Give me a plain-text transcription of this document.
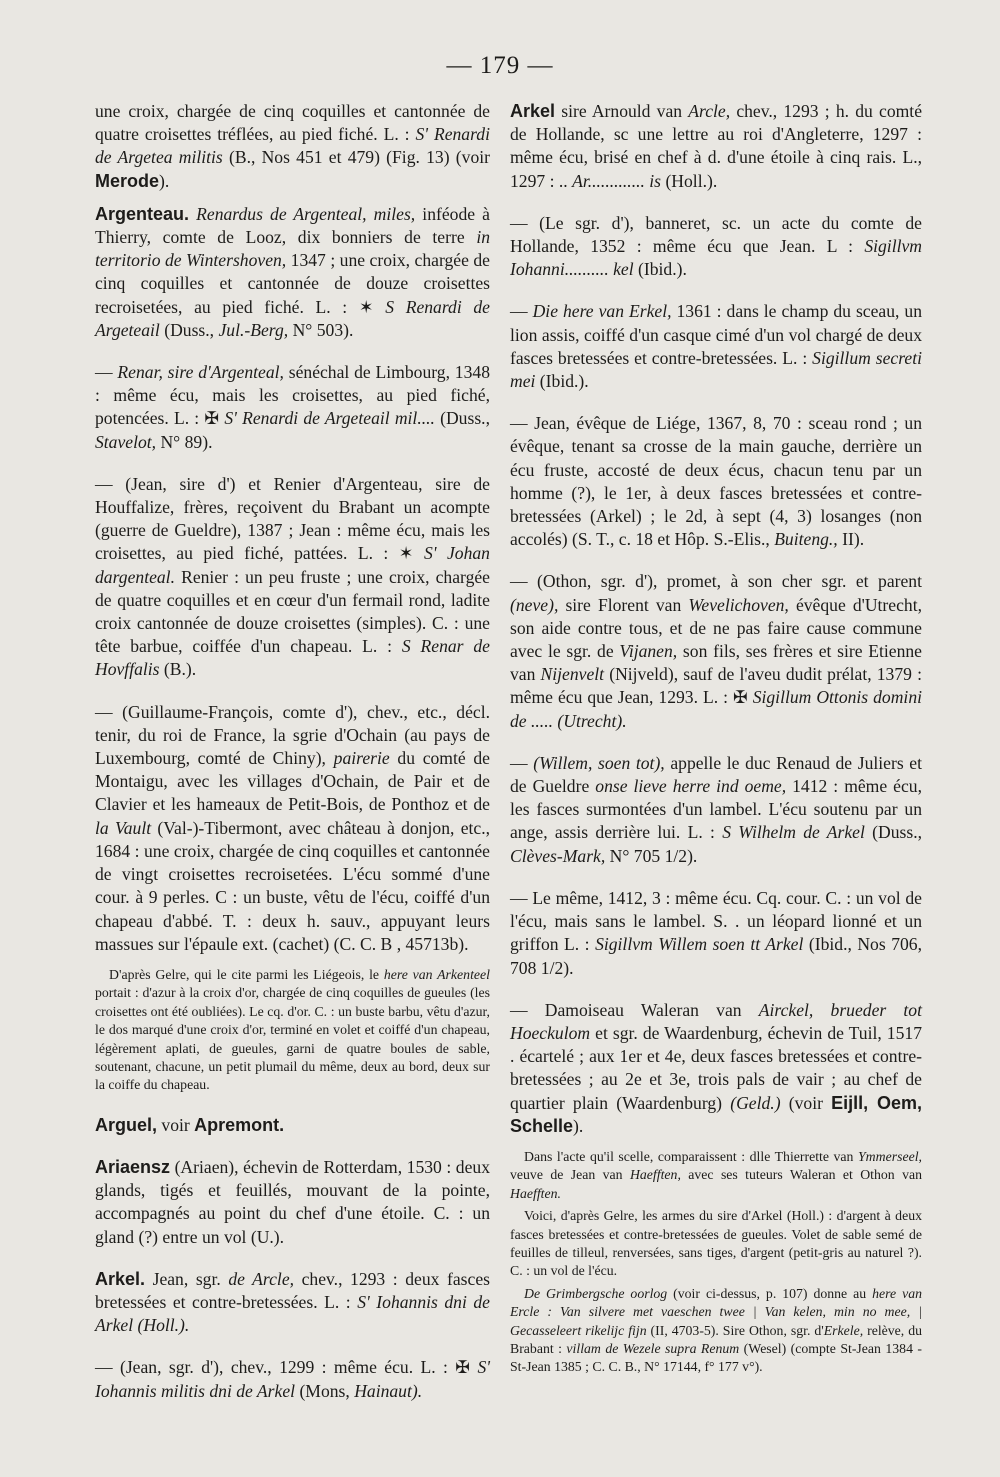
— 179 —

une croix, chargée de cinq coquilles et cantonnée de quatre croisettes tréflées, au pied fiché. L. : S' Renardi de Argetea militis (B., Nos 451 et 479) (Fig. 13) (voir Merode).

Argenteau. Renardus de Argenteal, miles, inféode à Thierry, comte de Looz, dix bonniers de terre in territorio de Wintershoven, 1347 ; une croix, chargée de cinq coquilles et cantonnée de douze croisettes recroisetées, au pied fiché. L. : ✶ S Renardi de Argeteail (Duss., Jul.-Berg, N° 503).

— Renar, sire d'Argenteal, sénéchal de Limbourg, 1348 : même écu, mais les croisettes, au pied fiché, potencées. L. : ✠ S' Renardi de Argeteail mil.... (Duss., Stavelot, N° 89).

— (Jean, sire d') et Renier d'Argenteau, sire de Houffalize, frères, reçoivent du Brabant un acompte (guerre de Gueldre), 1387 ; Jean : même écu, mais les croisettes, au pied fiché, pattées. L. : ✶ S' Johan dargenteal. Renier : un peu fruste ; une croix, chargée de quatre coquilles et en cœur d'un fermail rond, ladite croix cantonnée de douze croisettes (simples). C. : une tête barbue, coiffée d'un chapeau. L. : S Renar de Hovffalis (B.).

— (Guillaume-François, comte d'), chev., etc., décl. tenir, du roi de France, la sgrie d'Ochain (au pays de Luxembourg, comté de Chiny), pairerie du comté de Montaigu, avec les villages d'Ochain, de Pair et de Clavier et les hameaux de Petit-Bois, de Ponthoz et de la Vault (Val-)-Tibermont, avec château à donjon, etc., 1684 : une croix, chargée de cinq coquilles et cantonnée de vingt croisettes recroisetées. L'écu sommé d'une cour. à 9 perles. C : un buste, vêtu de l'écu, coiffé d'un chapeau d'abbé. T. : deux h. sauv., appuyant leurs massues sur l'épaule ext. (cachet) (C. C. B , 45713b).

D'après Gelre, qui le cite parmi les Liégeois, le here van Arkenteel portait : d'azur à la croix d'or, chargée de cinq coquilles de gueules (les croisettes ont été oubliées). Le cq. d'or. C. : un buste barbu, vêtu d'azur, le dos marqué d'une croix d'or, terminé en volet et coiffé d'un chapeau, légèrement aplati, de gueules, garni de quatre boules de sable, soutenant, chacune, un petit plumail du même, deux au bord, deux sur la coiffe du chapeau.

Arguel, voir Apremont.

Ariaensz (Ariaen), échevin de Rotterdam, 1530 : deux glands, tigés et feuillés, mouvant de la pointe, accompagnés au point du chef d'une étoile. C. : un gland (?) entre un vol (U.).

Arkel. Jean, sgr. de Arcle, chev., 1293 : deux fasces bretessées et contre-bretessées. L. : S' Iohannis dni de Arkel (Holl.).

— (Jean, sgr. d'), chev., 1299 : même écu. L. : ✠ S' Iohannis militis dni de Arkel (Mons, Hainaut).

Arkel sire Arnould van Arcle, chev., 1293 ; h. du comté de Hollande, sc une lettre au roi d'Angleterre, 1297 : même écu, brisé en chef à d. d'une étoile à cinq rais. L., 1297 : .. Ar............. is (Holl.).

— (Le sgr. d'), banneret, sc. un acte du comte de Hollande, 1352 : même écu que Jean. L : Sigillvm Iohanni.......... kel (Ibid.).

— Die here van Erkel, 1361 : dans le champ du sceau, un lion assis, coiffé d'un casque cimé d'un vol chargé de deux fasces bretessées et contre-bretessées. L. : Sigillum secreti mei (Ibid.).

— Jean, évêque de Liége, 1367, 8, 70 : sceau rond ; un évêque, tenant sa crosse de la main gauche, derrière un écu fruste, accosté de deux écus, chacun tenu par un homme (?), le 1er, à deux fasces bretessées et contre-bretessées (Arkel) ; le 2d, à sept (4, 3) losanges (non accolés) (S. T., c. 18 et Hôp. S.-Elis., Buiteng., II).

— (Othon, sgr. d'), promet, à son cher sgr. et parent (neve), sire Florent van Wevelichoven, évêque d'Utrecht, son aide contre tous, et de ne pas faire cause commune avec le sgr. de Vijanen, son fils, ses frères et sire Etienne van Nijenvelt (Nijveld), sauf de l'aveu dudit prélat, 1379 : même écu que Jean, 1293. L. : ✠ Sigillum Ottonis domini de ..... (Utrecht).

— (Willem, soen tot), appelle le duc Renaud de Juliers et de Gueldre onse lieve herre ind oeme, 1412 : même écu, les fasces surmontées d'un lambel. L'écu soutenu par un ange, assis derrière lui. L. : S Wilhelm de Arkel (Duss., Clèves-Mark, N° 705 1/2).

— Le même, 1412, 3 : même écu. Cq. cour. C. : un vol de l'écu, mais sans le lambel. S. . un léopard lionné et un griffon L. : Sigillvm Willem soen tt Arkel (Ibid., Nos 706, 708 1/2).

— Damoiseau Waleran van Airckel, brueder tot Hoeckulom et sgr. de Waardenburg, échevin de Tuil, 1517 . écartelé ; aux 1er et 4e, deux fasces bretessées et contre-bretessées ; au 2e et 3e, trois pals de vair ; au chef de quartier plain (Waardenburg) (Geld.) (voir Eijll, Oem, Schelle).

Dans l'acte qu'il scelle, comparaissent : dlle Thierrette van Ymmerseel, veuve de Jean van Haefften, avec ses tuteurs Waleran et Othon van Haefften.

Voici, d'après Gelre, les armes du sire d'Arkel (Holl.) : d'argent à deux fasces bretessées et contre-bretessées de gueules. Volet de sable semé de feuilles de tilleul, renversées, sans tiges, d'argent (petit-gris au naturel ?). C. : un vol de l'écu.

De Grimbergsche oorlog (voir ci-dessus, p. 107) donne au here van Ercle : Van silvere met vaeschen twee | Van kelen, min no mee, | Gecasseleert rikelijc fijn (II, 4703-5). Sire Othon, sgr. d'Erkele, relève, du Brabant : villam de Wezele supra Renum (Wesel) (compte St-Jean 1384 - St-Jean 1385 ; C. C. B., N° 17144, f° 177 v°).
